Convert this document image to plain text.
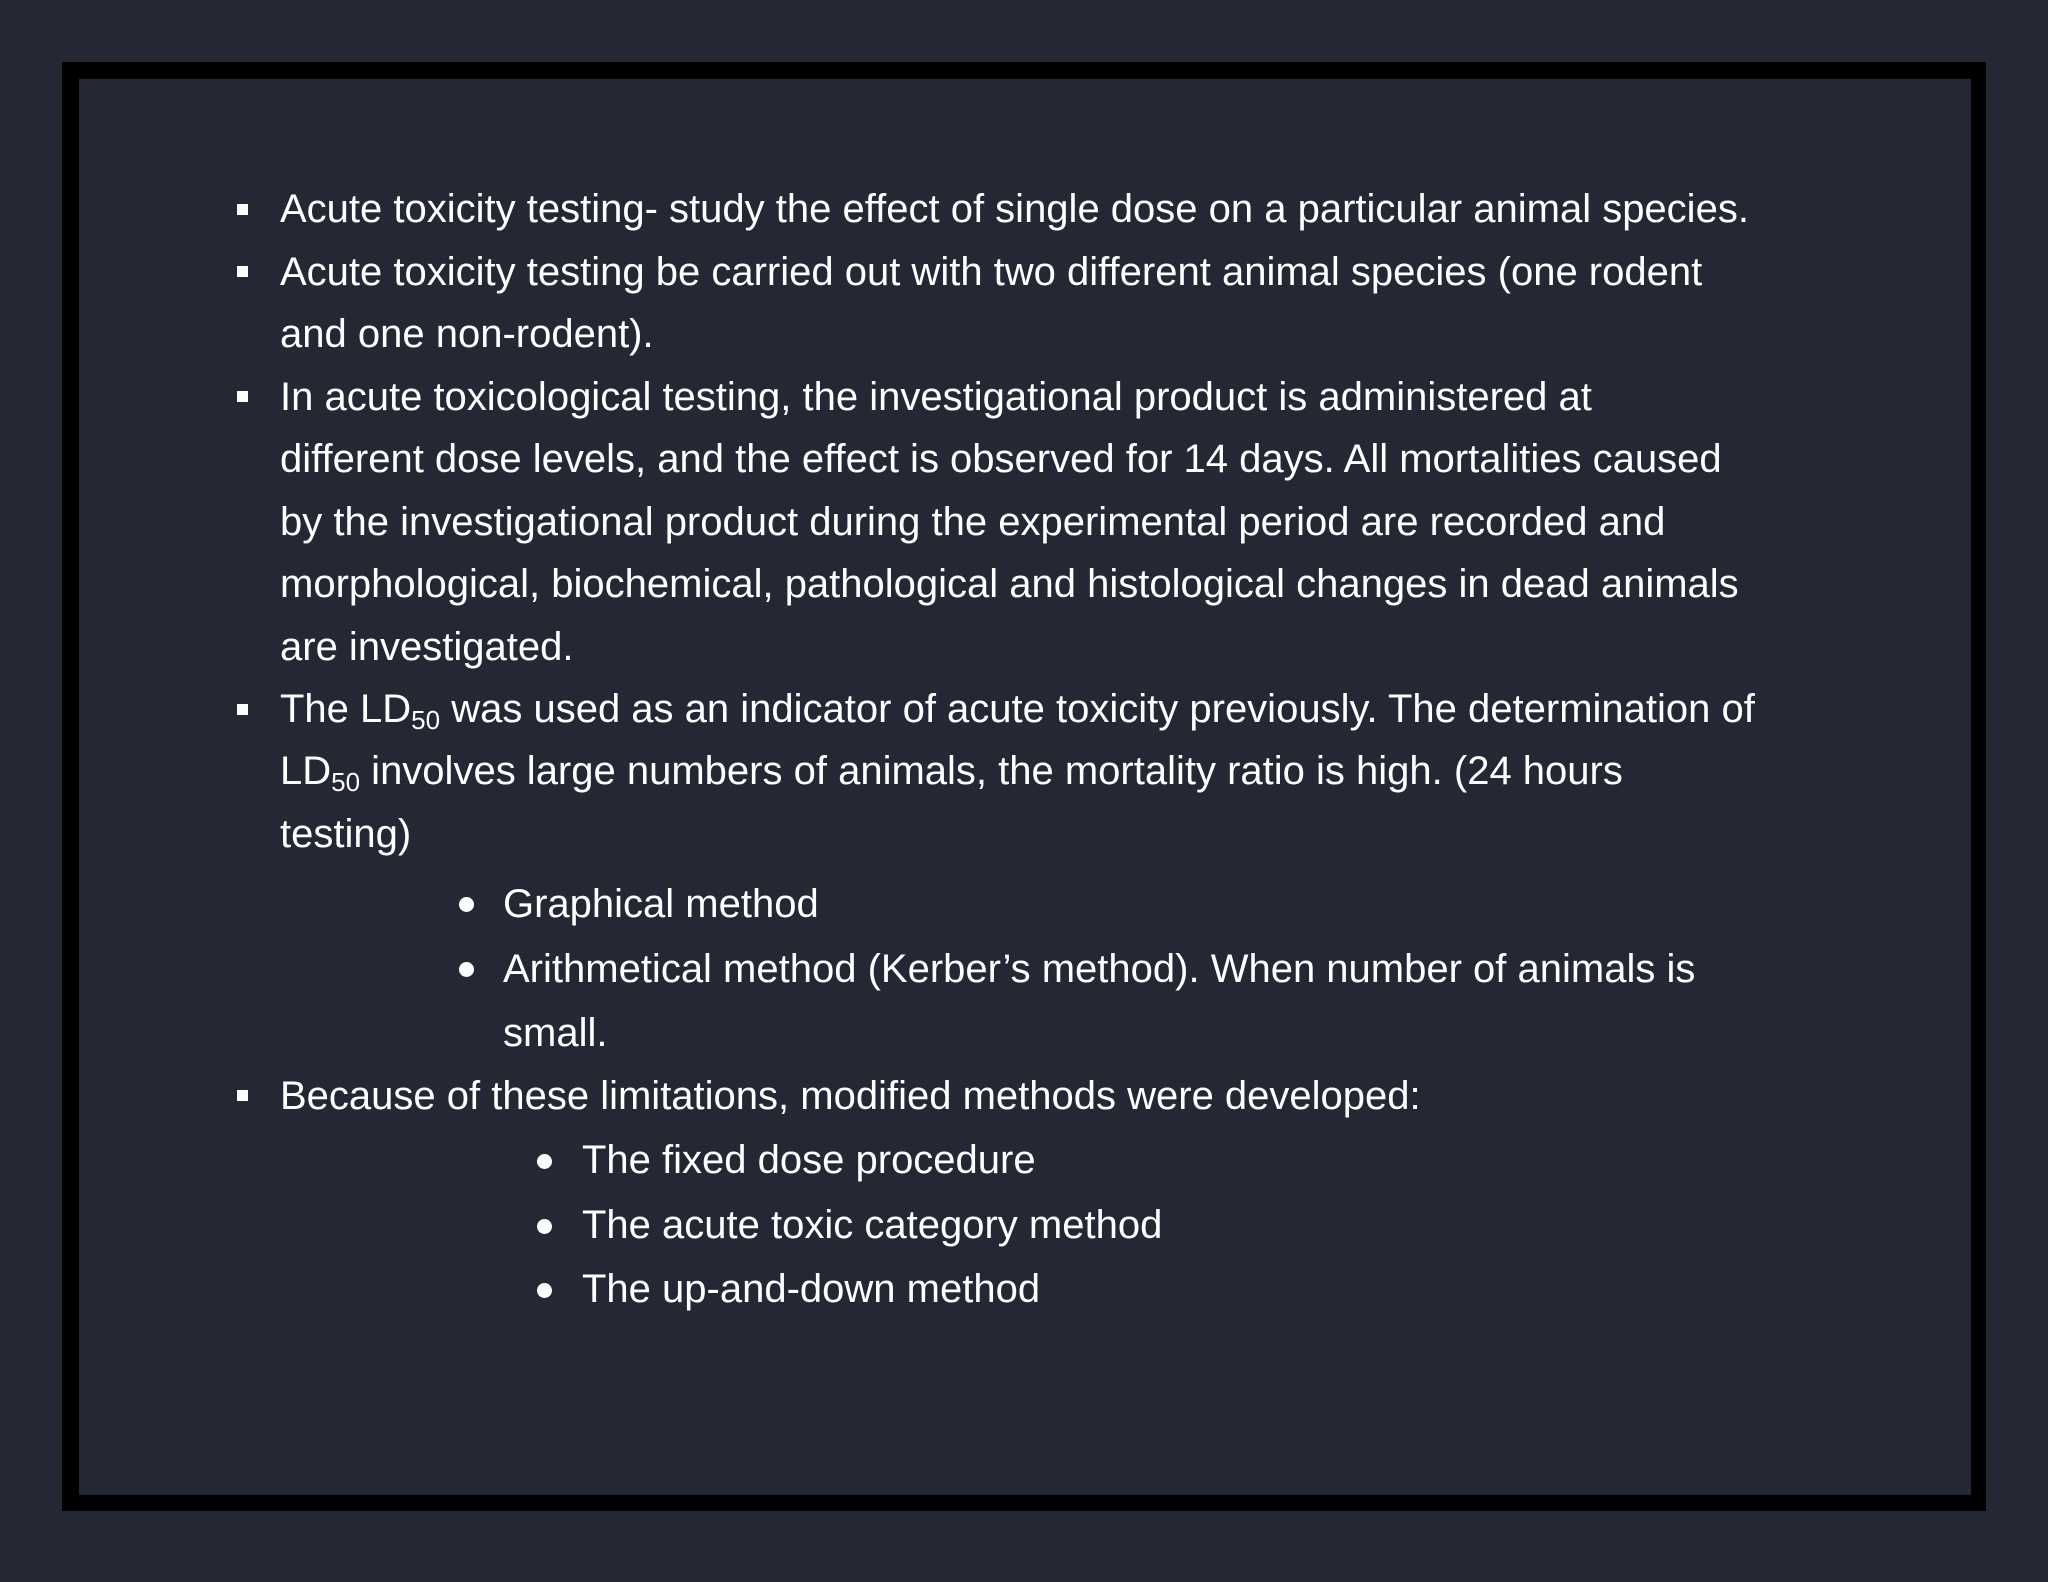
Acute toxicity testing- study the effect of single dose on a particular animal species.
Acute toxicity testing be carried out with two different animal species (one rodent
and one non-rodent).
In acute toxicological testing, the investigational product is administered at
different dose levels, and the effect is observed for 14 days. All mortalities caused
by the investigational product during the experimental period are recorded and
morphological, biochemical, pathological and histological changes in dead animals
are investigated.
The LD50 was used as an indicator of acute toxicity previously. The determination of
LD50 involves large numbers of animals, the mortality ratio is high. (24 hours
testing)
Graphical method
Arithmetical method (Kerber’s method). When number of animals is
small.
Because of these limitations, modified methods were developed:
The fixed dose procedure
The acute toxic category method
The up-and-down method
